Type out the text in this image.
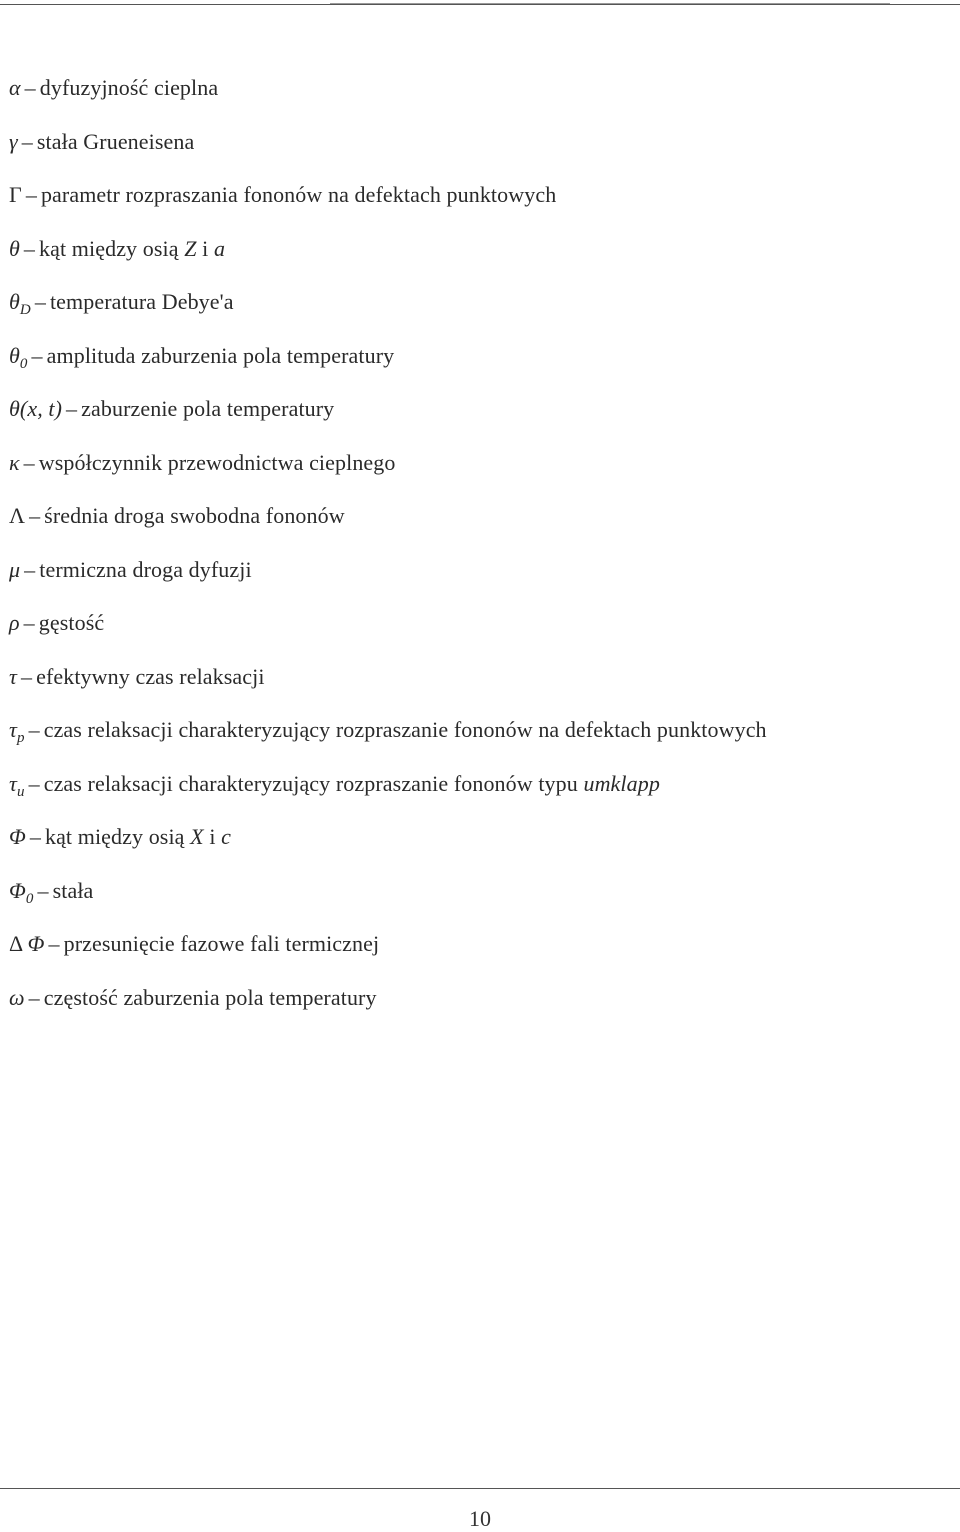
α – dyfuzyjność cieplna
γ – stała Grueneisena
Γ – parametr rozpraszania fononów na defektach punktowych
θ – kąt między osią Z i a
$\theta_D$ – temperatura Debye'a
$\theta_0$ – amplituda zaburzenia pola temperatury
θ(x, t) – zaburzenie pola temperatury
κ – współczynnik przewodnictwa cieplnego
Λ – średnia droga swobodna fononów
μ – termiczna droga dyfuzji
ρ – gęstość
τ – efektywny czas relaksacji
$\tau_p$ – czas relaksacji charakteryzujący rozpraszanie fononów na defektach punktowych
$\tau_u$ – czas relaksacji charakteryzujący rozpraszanie fononów typu umklapp
Φ – kąt między osią X i c
$\Phi_0$ – stała
Δ Φ – przesunięcie fazowe fali termicznej
ω – częstość zaburzenia pola temperatury
10
